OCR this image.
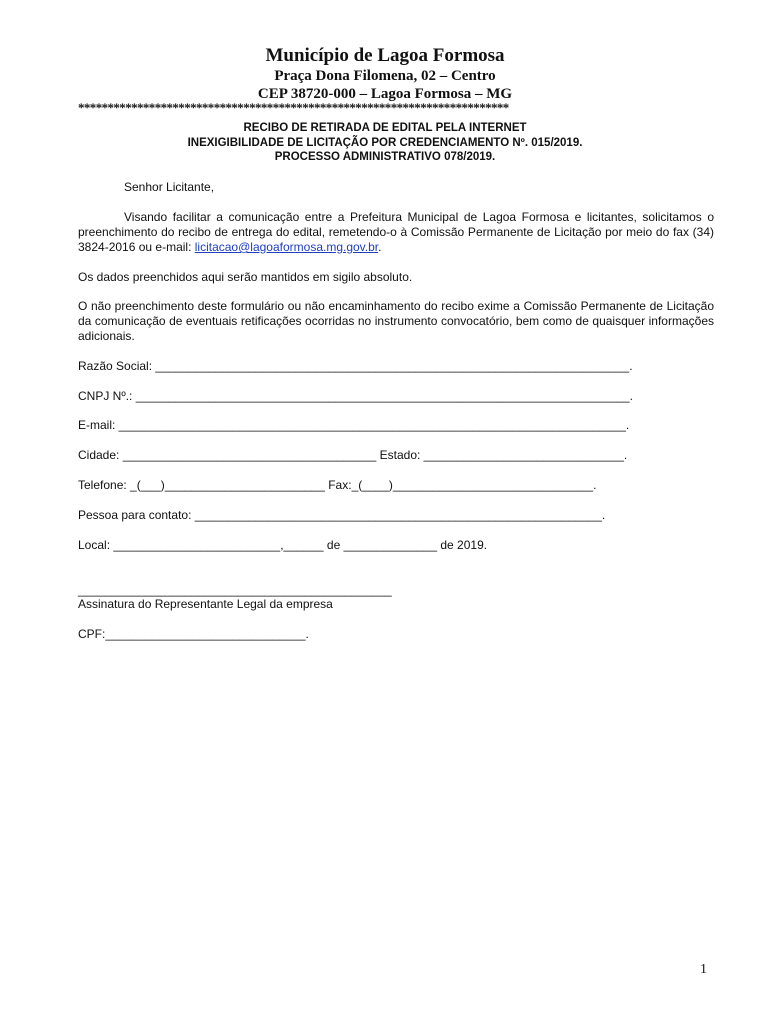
Município de Lagoa Formosa
Praça Dona Filomena, 02 – Centro
CEP 38720-000 – Lagoa Formosa – MG
*************************************************************************
RECIBO DE RETIRADA DE EDITAL PELA INTERNET
INEXIGIBILIDADE DE LICITAÇÃO POR CREDENCIAMENTO Nº. 015/2019.
PROCESSO ADMINISTRATIVO 078/2019.
Senhor Licitante,
Visando facilitar a comunicação entre a Prefeitura Municipal de Lagoa Formosa e licitantes, solicitamos o preenchimento do recibo de entrega do edital, remetendo-o à Comissão Permanente de Licitação por meio do fax (34) 3824-2016 ou e-mail: licitacao@lagoaformosa.mg.gov.br.
Os dados preenchidos aqui serão mantidos em sigilo absoluto.
O não preenchimento deste formulário ou não encaminhamento do recibo exime a Comissão Permanente de Licitação da comunicação de eventuais retificações ocorridas no instrumento convocatório, bem como de quaisquer informações adicionais.
Razão Social: _______________________________________________________________________.
CNPJ Nº.: __________________________________________________________________________.
E-mail: ____________________________________________________________________________.
Cidade: ______________________________________ Estado: ______________________________.
Telefone: _(___)________________________ Fax:_(____)______________________________.
Pessoa para contato: _____________________________________________________________.
Local: _________________________,______ de ______________ de 2019.
_______________________________________________
Assinatura do Representante Legal da empresa
CPF:______________________________.
1
